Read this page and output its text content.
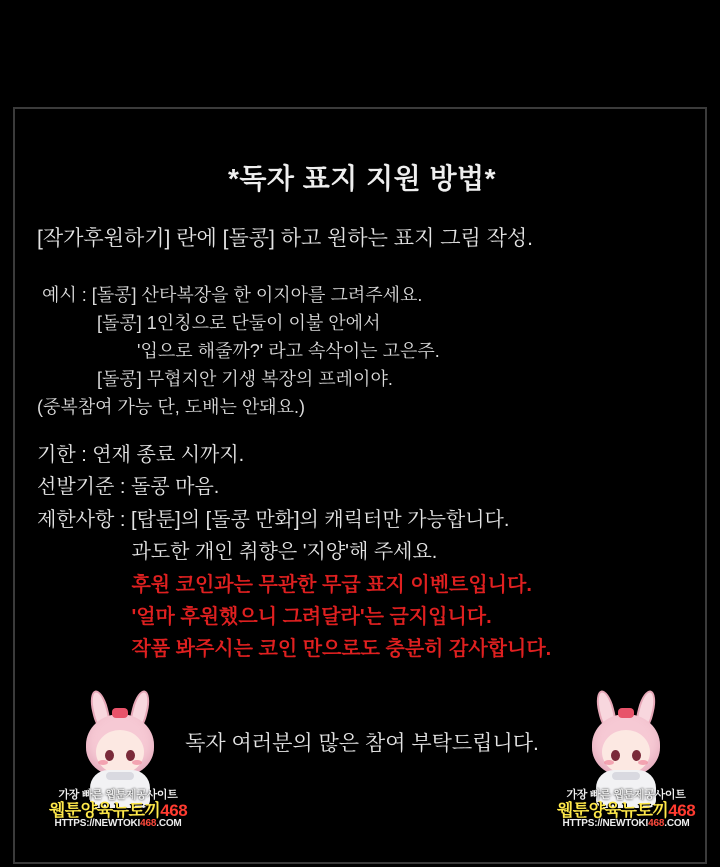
*독자 표지 지원 방법*
[작가후원하기] 란에 [돌콩] 하고 원하는 표지 그림 작성.
예시 : [돌콩] 산타복장을 한 이지아를 그려주세요.
[돌콩] 1인칭으로 단둘이 이불 안에서
'입으로 해줄까?' 라고 속삭이는 고은주.
[돌콩] 무협지안 기생 복장의 프레이야.
(중복참여 가능 단, 도배는 안돼요.)
기한 : 연재 종료 시까지.
선발기준 : 돌콩 마음.
제한사항 : [탑툰]의 [돌콩 만화]의 캐릭터만 가능합니다.
과도한 개인 취향은 '지양'해 주세요.
후원 코인과는 무관한 무급 표지 이벤트입니다.
'얼마 후원했으니 그려달라'는 금지입니다.
작품 봐주시는 코인 만으로도 충분히 감사합니다.
독자 여러분의 많은 참여 부탁드립니다.
가장 빠른 웹툰제공사이트
웹툰양육뉴토끼468
HTTPS://NEWTOKI468.COM
가장 빠른 웹툰제공사이트
웹툰양육뉴토끼468
HTTPS://NEWTOKI468.COM
